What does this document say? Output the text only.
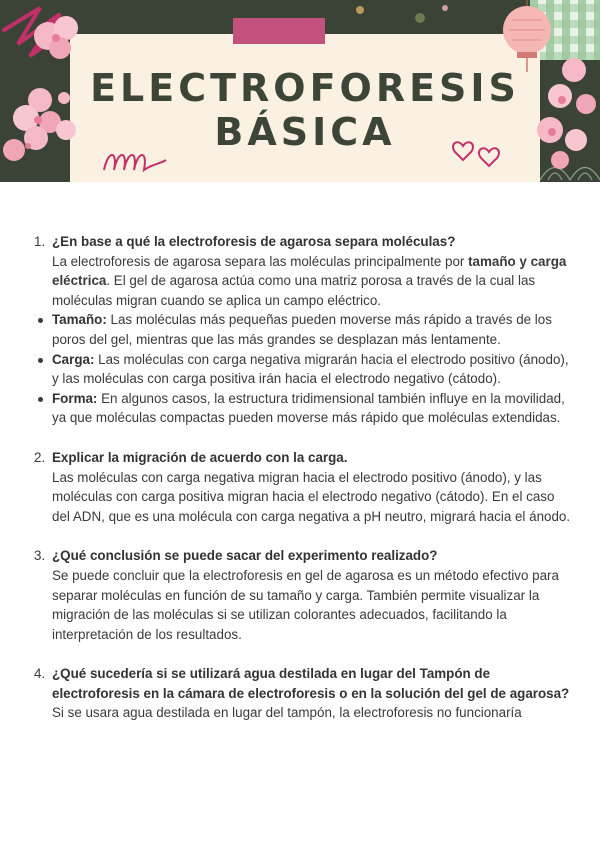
ELECTROFORESIS
BÁSICA
1. ¿En base a qué la electroforesis de agarosa separa moléculas?

La electroforesis de agarosa separa las moléculas principalmente por tamaño y carga eléctrica. El gel de agarosa actúa como una matriz porosa a través de la cual las moléculas migran cuando se aplica un campo eléctrico.

Tamaño: Las moléculas más pequeñas pueden moverse más rápido a través de los poros del gel, mientras que las más grandes se desplazan más lentamente.
Carga: Las moléculas con carga negativa migrarán hacia el electrodo positivo (ánodo), y las moléculas con carga positiva irán hacia el electrodo negativo (cátodo).
Forma: En algunos casos, la estructura tridimensional también influye en la movilidad, ya que moléculas compactas pueden moverse más rápido que moléculas extendidas.
2. Explicar la migración de acuerdo con la carga.

Las moléculas con carga negativa migran hacia el electrodo positivo (ánodo), y las moléculas con carga positiva migran hacia el electrodo negativo (cátodo). En el caso del ADN, que es una molécula con carga negativa a pH neutro, migrará hacia el ánodo.

3. ¿Qué conclusión se puede sacar del experimento realizado?

Se puede concluir que la electroforesis en gel de agarosa es un método efectivo para separar moléculas en función de su tamaño y carga. También permite visualizar la migración de las moléculas si se utilizan colorantes adecuados, facilitando la interpretación de los resultados.

4. ¿Qué sucedería si se utilizará agua destilada en lugar del Tampón de electroforesis en la cámara de electroforesis o en la solución del gel de agarosa?

Si se usara agua destilada en lugar del tampón, la electroforesis no funcionaría
